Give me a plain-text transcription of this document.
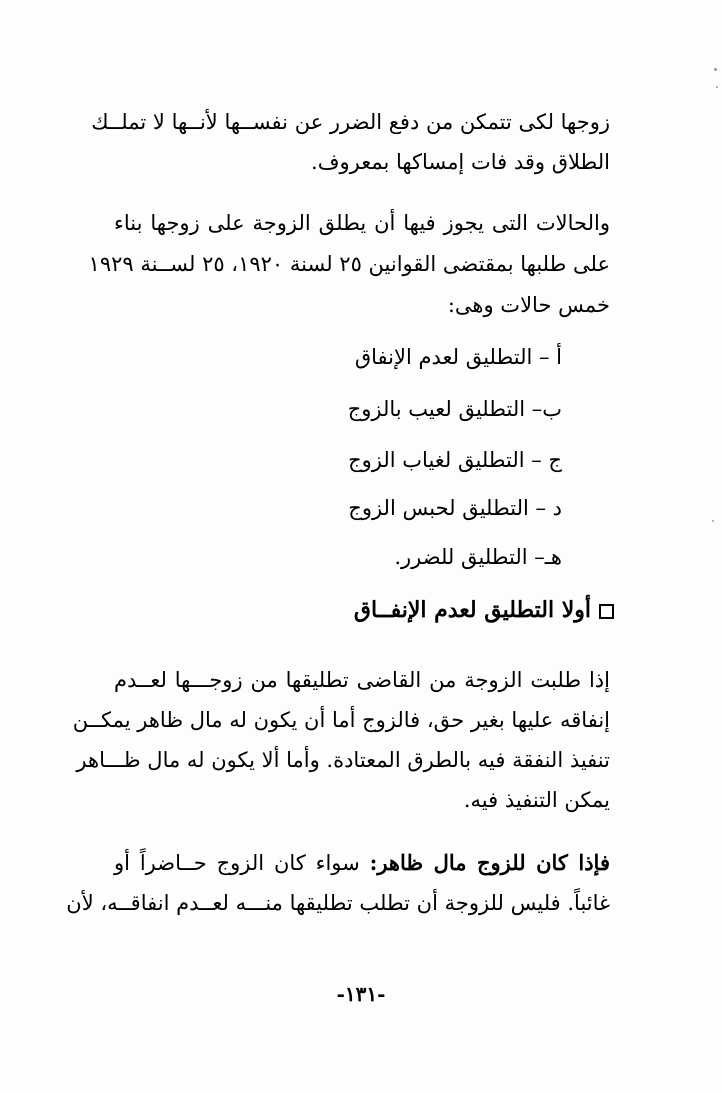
زوجها لكى تتمكن من دفع الضرر عن نفســها لأنــها لا تملــك
الطلاق وقد فات إمساكها بمعروف.
والحالات التى يجوز فيها أن يطلق الزوجة على زوجها بناء
على طلبها بمقتضى القوانين ٢٥ لسنة ١٩٢٠، ٢٥ لســنة ١٩٢٩
خمس حالات وهى:
أ – التطليق لعدم الإنفاق
ب– التطليق لعيب بالزوج
ج – التطليق لغياب الزوج
د – التطليق لحبس الزوج
هـ– التطليق للضرر.
أولا التطليق لعدم الإنفــاق
إذا طلبت الزوجة من القاضى تطليقها من زوجـــها لعــدم
إنفاقه عليها بغير حق، فالزوج أما أن يكون له مال ظاهر يمكــن
تنفيذ النفقة فيه بالطرق المعتادة. وأما ألا يكون له مال ظـــاهر
يمكن التنفيذ فيه.
فإذا كان للزوج مال ظاهر: سواء كان الزوج حــاضراً أو
غائباً. فليس للزوجة أن تطلب تطليقها منـــه لعــدم انفاقــه، لأن
-١٣١-
